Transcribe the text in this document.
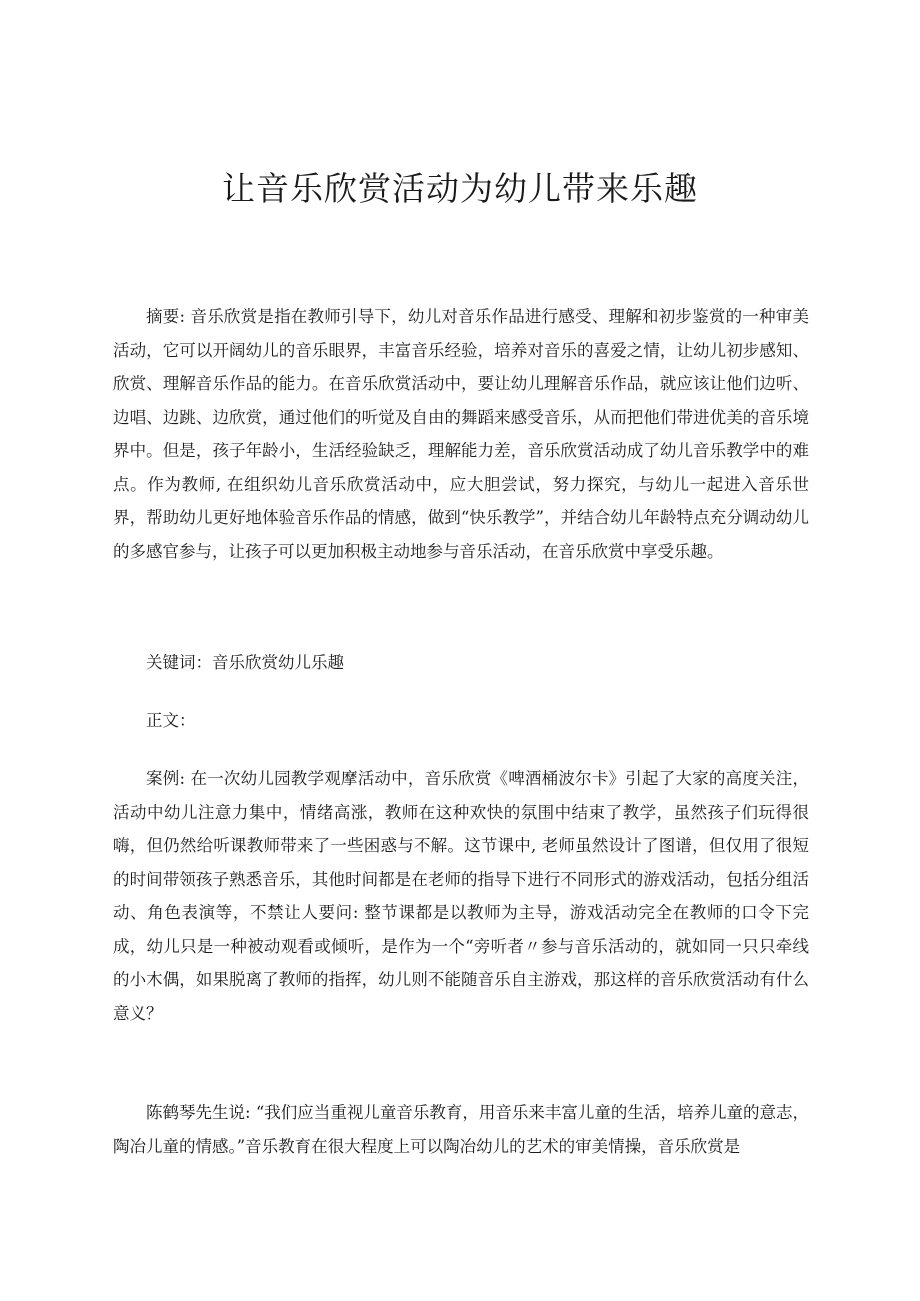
让音乐欣赏活动为幼儿带来乐趣

摘要: 音乐欣赏是指在教师引导下，幼儿对音乐作品进行感受、理解和初步鉴赏的一种审美活动，它可以开阔幼儿的音乐眼界，丰富音乐经验，培养对音乐的喜爱之情，让幼儿初步感知、欣赏、理解音乐作品的能力。在音乐欣赏活动中，要让幼儿理解音乐作品，就应该让他们边听、边唱、边跳、边欣赏，通过他们的听觉及自由的舞蹈来感受音乐，从而把他们带进优美的音乐境界中。但是，孩子年龄小，生活经验缺乏，理解能力差，音乐欣赏活动成了幼儿音乐教学中的难点。作为教师, 在组织幼儿音乐欣赏活动中，应大胆尝试，努力探究，与幼儿一起进入音乐世界，帮助幼儿更好地体验音乐作品的情感，做到“快乐教学”，并结合幼儿年龄特点充分调动幼儿的多感官参与，让孩子可以更加积极主动地参与音乐活动，在音乐欣赏中享受乐趣。

关键词：音乐欣赏幼儿乐趣

正文：

案例: 在一次幼儿园教学观摩活动中，音乐欣赏《啤酒桶波尔卡》引起了大家的高度关注，活动中幼儿注意力集中，情绪高涨，教师在这种欢快的氛围中结束了教学，虽然孩子们玩得很嗨，但仍然给听课教师带来了一些困惑与不解。这节课中, 老师虽然设计了图谱，但仅用了很短的时间带领孩子熟悉音乐，其他时间都是在老师的指导下进行不同形式的游戏活动，包括分组活动、角色表演等，不禁让人要问: 整节课都是以教师为主导，游戏活动完全在教师的口令下完成，幼儿只是一种被动观看或倾听，是作为一个“旁听者〃参与音乐活动的，就如同一只只牵线的小木偶，如果脱离了教师的指挥，幼儿则不能随音乐自主游戏，那这样的音乐欣赏活动有什么意义？

陈鹤琴先生说: “我们应当重视儿童音乐教育，用音乐来丰富儿童的生活，培养儿童的意志，陶冶儿童的情感。”音乐教育在很大程度上可以陶冶幼儿的艺术的审美情操，音乐欣赏是
